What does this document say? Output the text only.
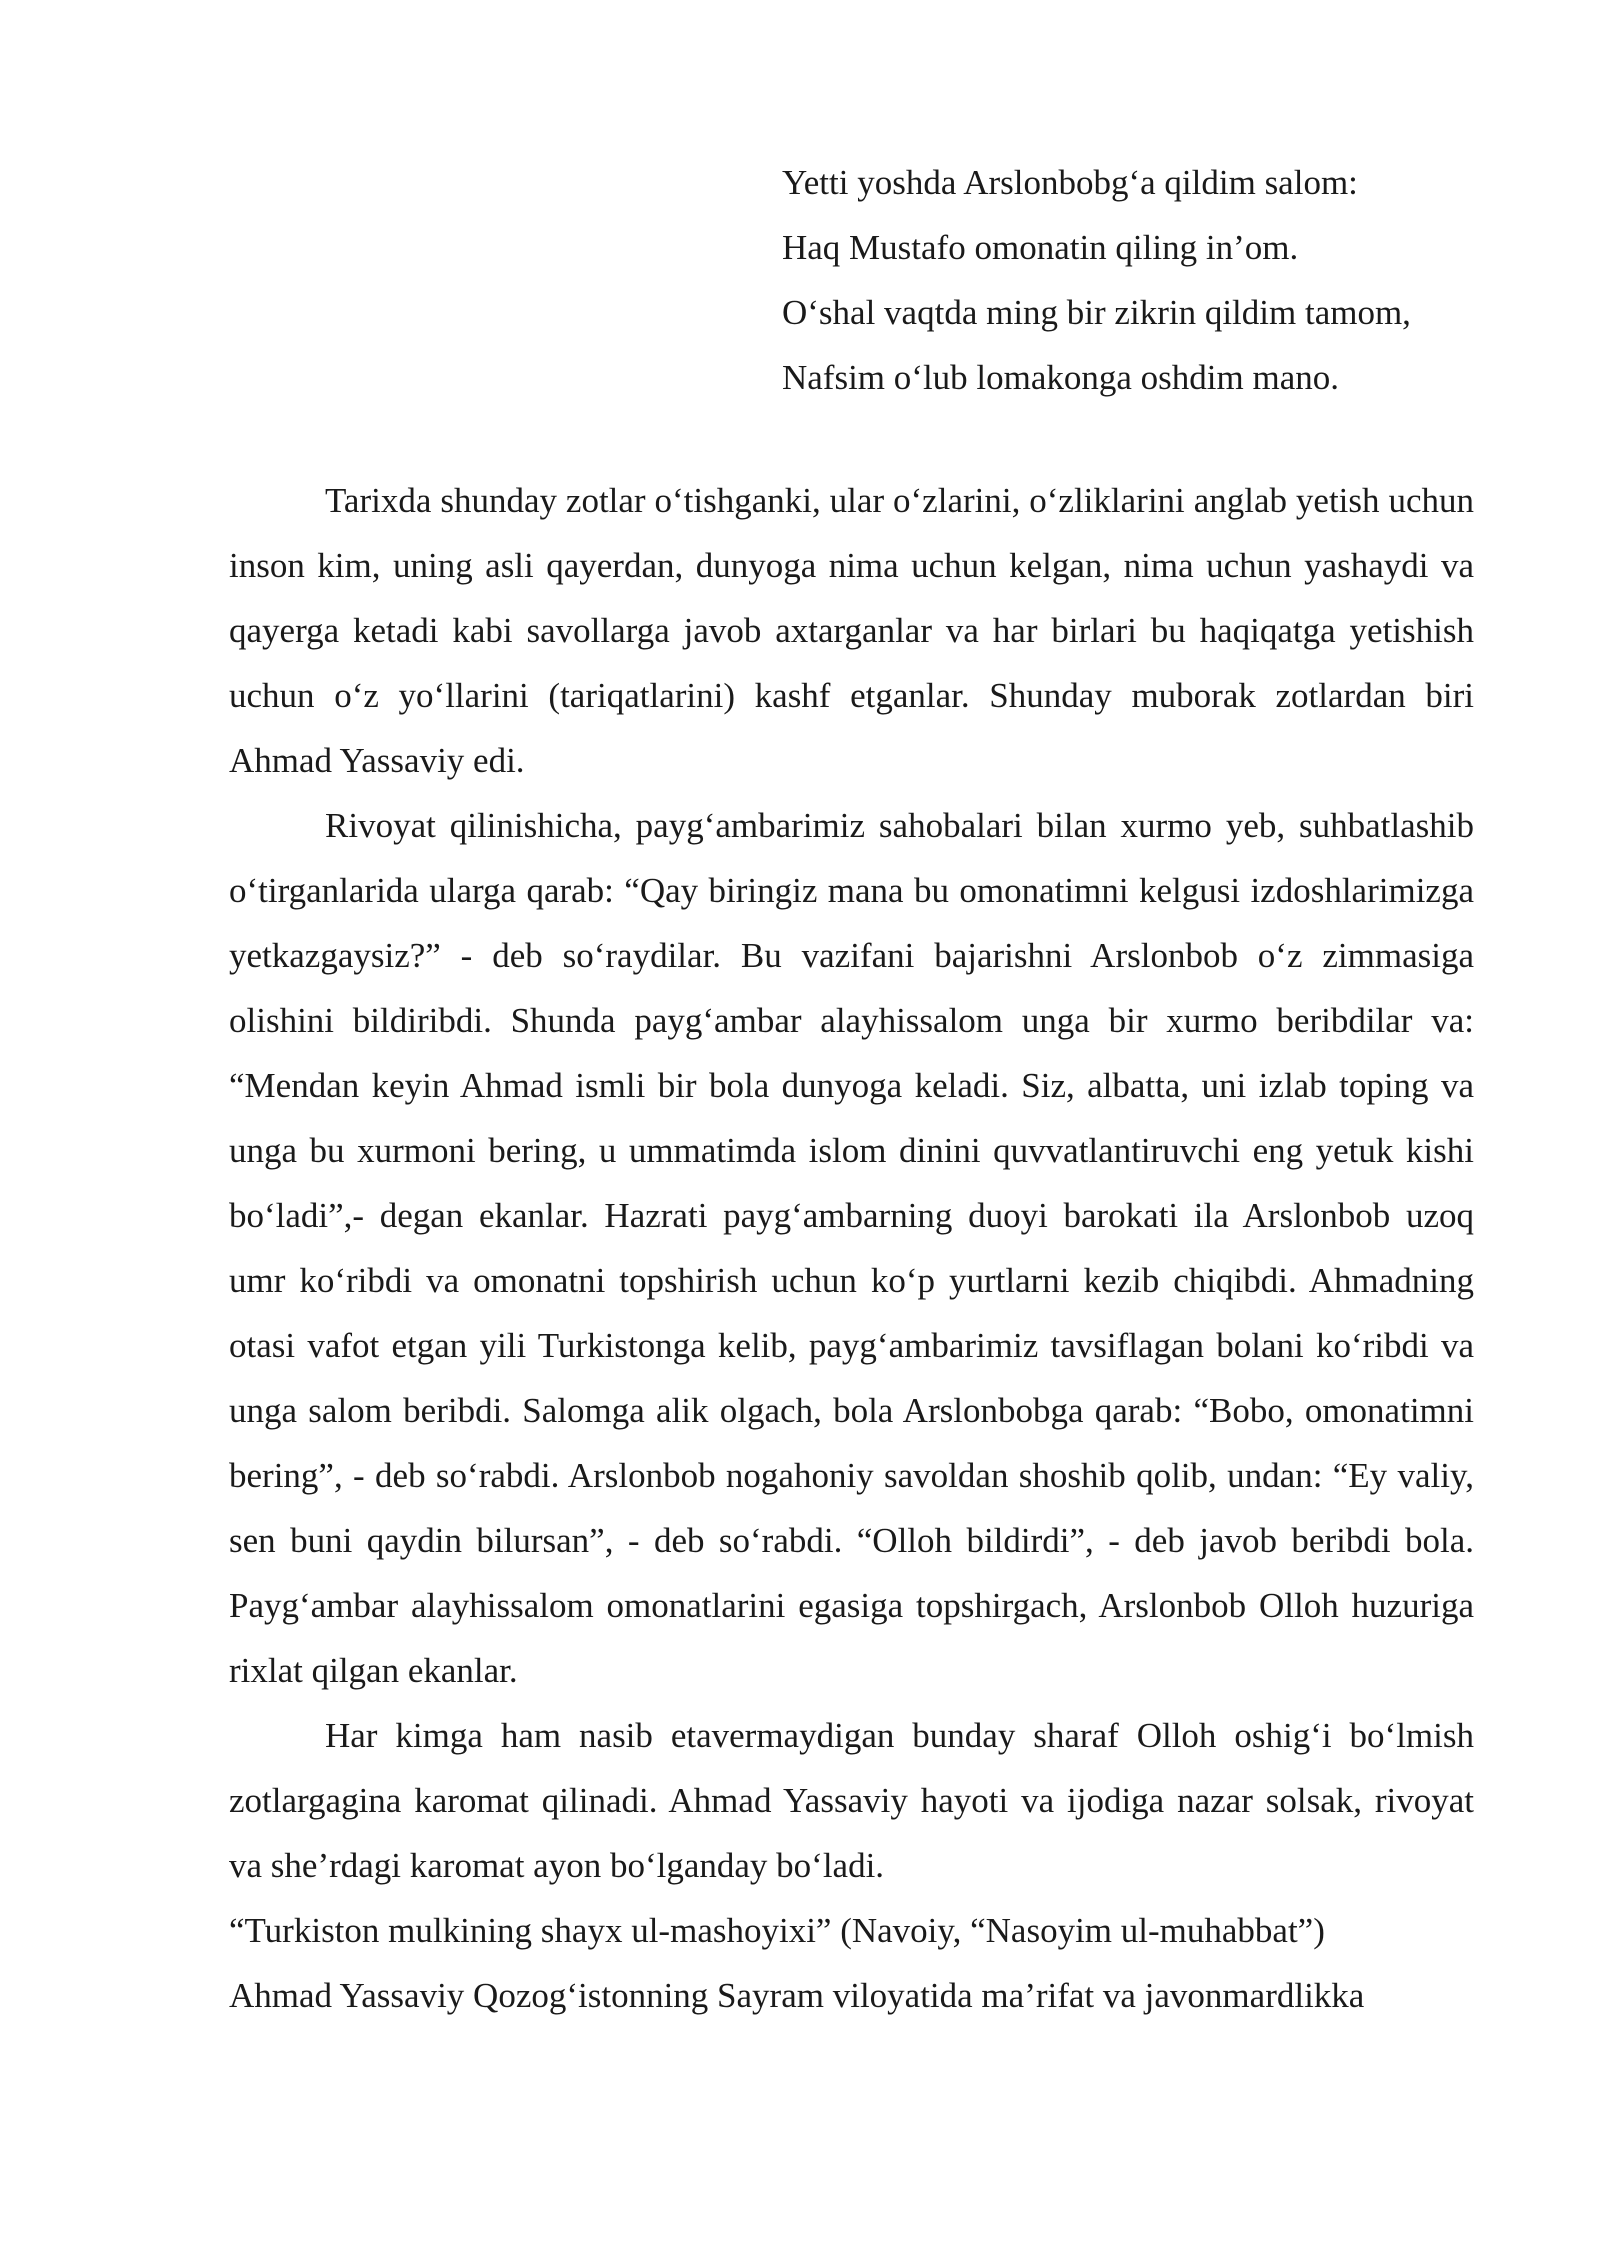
Yetti yoshda Arslonbobg‘a qildim salom:
Haq Mustafo omonatin qiling in’om.
O‘shal vaqtda ming bir zikrin qildim tamom,
Nafsim o‘lub lomakonga oshdim mano.

Tarixda shunday zotlar o‘tishganki, ular o‘zlarini, o‘zliklarini anglab yetish uchun inson kim, uning asli qayerdan, dunyoga nima uchun kelgan, nima uchun yashaydi va qayerga ketadi kabi savollarga javob axtarganlar va har birlari bu haqiqatga yetishish uchun o‘z yo‘llarini (tariqatlarini) kashf etganlar. Shunday muborak zotlardan biri Ahmad Yassaviy edi.

Rivoyat qilinishicha, payg‘ambarimiz sahobalari bilan xurmo yeb, suhbatlashib o‘tirganlarida ularga qarab: “Qay biringiz mana bu omonatimni kelgusi izdoshlarimizga yetkazgaysiz?” - deb so‘raydilar. Bu vazifani bajarishni Arslonbob o‘z zimmasiga olishini bildiribdi. Shunda payg‘ambar alayhissalom unga bir xurmo beribdilar va: “Mendan keyin Ahmad ismli bir bola dunyoga keladi. Siz, albatta, uni izlab toping va unga bu xurmoni bering, u ummatimda islom dinini quvvatlantiruvchi eng yetuk kishi bo‘ladi”,- degan ekanlar. Hazrati payg‘ambarning duoyi barokati ila Arslonbob uzoq umr ko‘ribdi va omonatni topshirish uchun ko‘p yurtlarni kezib chiqibdi. Ahmadning otasi vafot etgan yili Turkistonga kelib, payg‘ambarimiz tavsiflagan bolani ko‘ribdi va unga salom beribdi. Salomga alik olgach, bola Arslonbobga qarab: “Bobo, omonatimni bering”, - deb so‘rabdi. Arslonbob nogahoniy savoldan shoshib qolib, undan: “Ey valiy, sen buni qaydin bilursan”, - deb so‘rabdi. “Olloh bildirdi”, - deb javob beribdi bola. Payg‘ambar alayhissalom omonatlarini egasiga topshirgach, Arslonbob Olloh huzuriga rixlat qilgan ekanlar.

Har kimga ham nasib etavermaydigan bunday sharaf Olloh oshig‘i bo‘lmish zotlargagina karomat qilinadi. Ahmad Yassaviy hayoti va ijodiga nazar solsak, rivoyat va she’rdagi karomat ayon bo‘lganday bo‘ladi.

“Turkiston mulkining shayx ul-mashoyixi” (Navoiy, “Nasoyim ul-muhabbat”)

Ahmad Yassaviy Qozog‘istonning Sayram viloyatida ma’rifat va javonmardlikka
